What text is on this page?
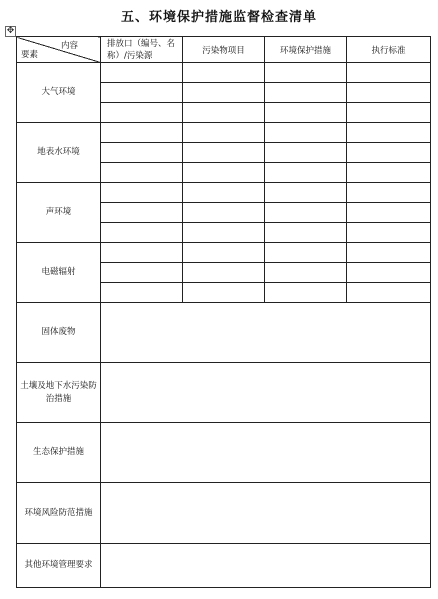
五、环境保护措施监督检查清单
✥
内容
要素	排放口（编号、名称）/污染源	污染物项目	环境保护措施	执行标准
大气环境				

地表水环境				

声环境				

电磁辐射				

固体废物				
土壤及地下水污染防治措施				
生态保护措施				
环境风险防范措施				
其他环境管理要求				
